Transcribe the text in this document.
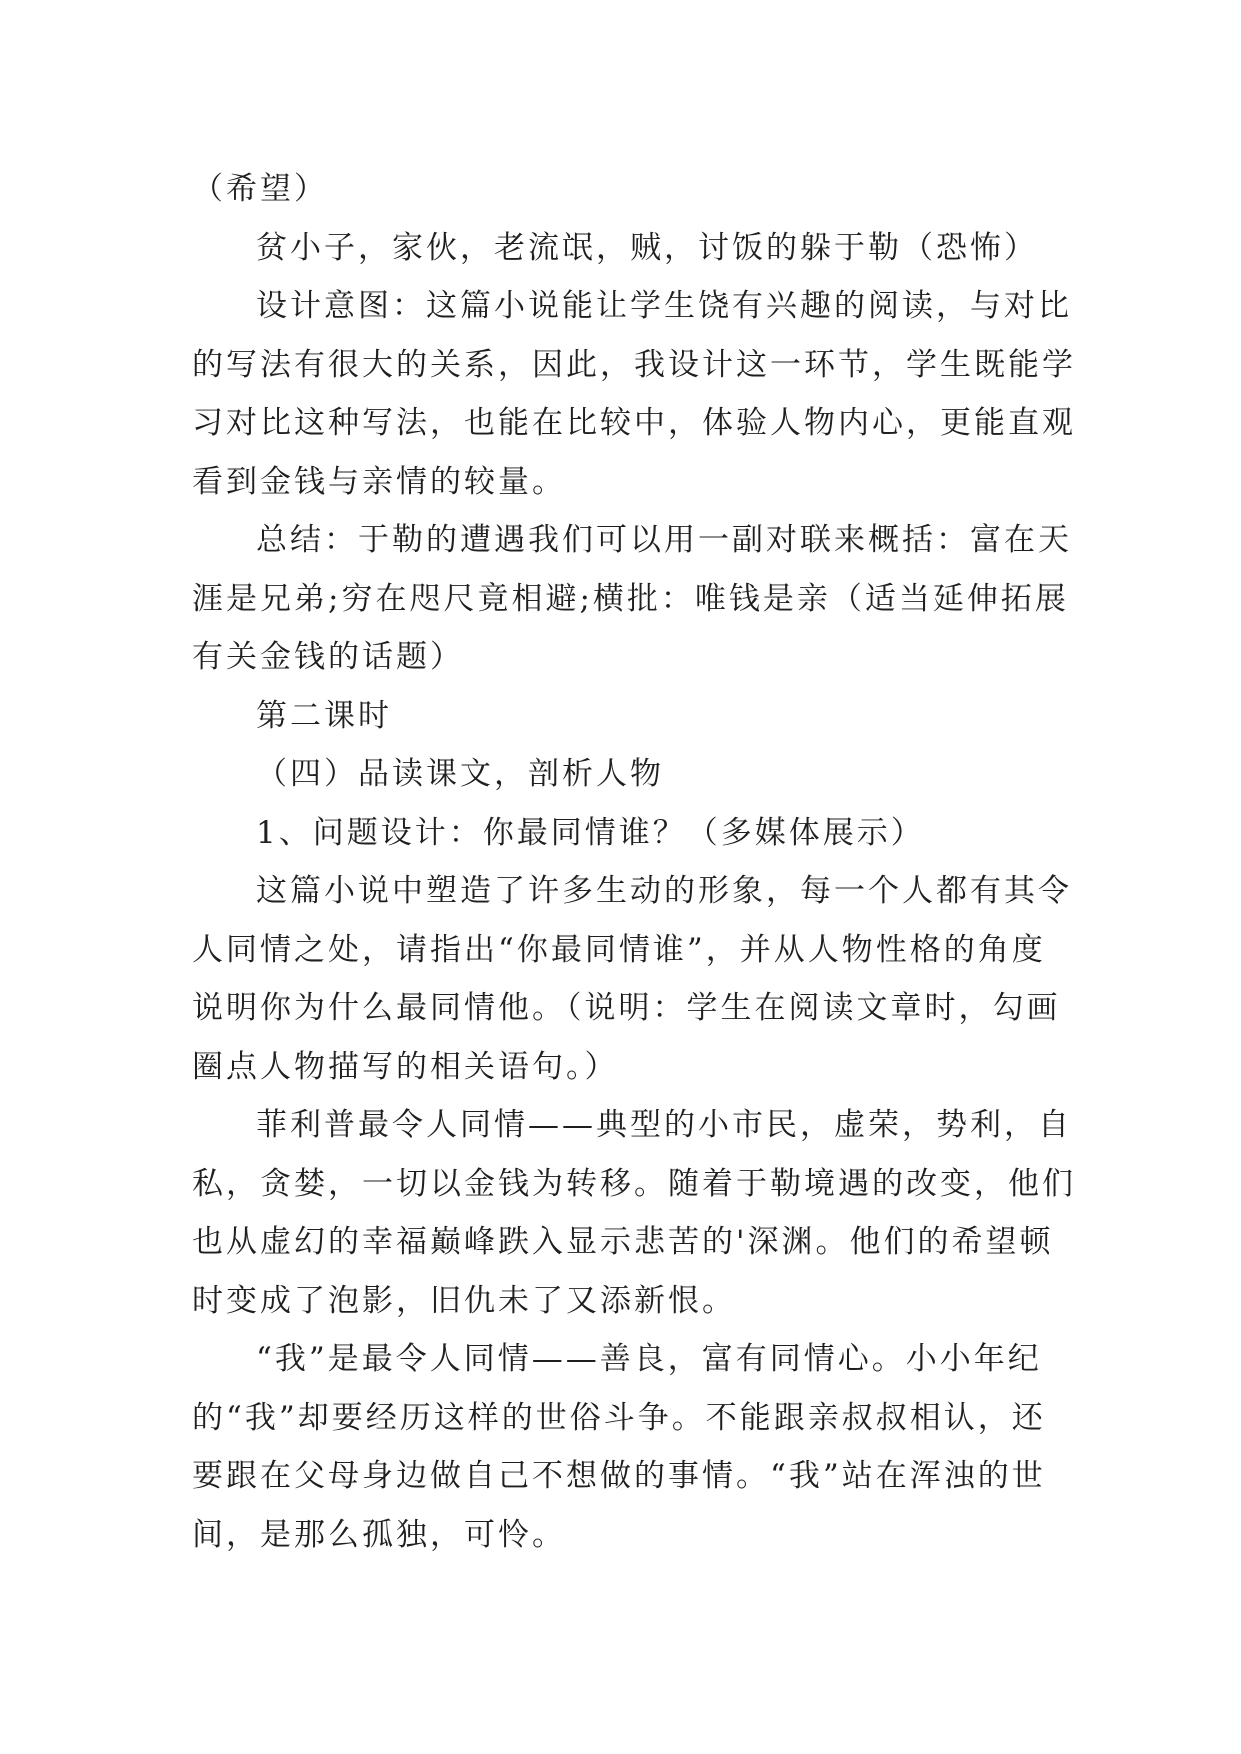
（希望）
贫小子，家伙，老流氓，贼，讨饭的躲于勒（恐怖）
设计意图：这篇小说能让学生饶有兴趣的阅读，与对比
的写法有很大的关系，因此，我设计这一环节，学生既能学
习对比这种写法，也能在比较中，体验人物内心，更能直观
看到金钱与亲情的较量。
总结：于勒的遭遇我们可以用一副对联来概括：富在天
涯是兄弟;穷在咫尺竟相避;横批：唯钱是亲（适当延伸拓展
有关金钱的话题）
第二课时
（四）品读课文，剖析人物
1、问题设计：你最同情谁？（多媒体展示）
这篇小说中塑造了许多生动的形象，每一个人都有其令
人同情之处，请指出“你最同情谁”，并从人物性格的角度
说明你为什么最同情他。（说明：学生在阅读文章时，勾画
圈点人物描写的相关语句。）
菲利普最令人同情——典型的小市民，虚荣，势利，自
私，贪婪，一切以金钱为转移。随着于勒境遇的改变，他们
也从虚幻的幸福巅峰跌入显示悲苦的'深渊。他们的希望顿
时变成了泡影，旧仇未了又添新恨。
“我”是最令人同情——善良，富有同情心。小小年纪
的“我”却要经历这样的世俗斗争。不能跟亲叔叔相认，还
要跟在父母身边做自己不想做的事情。“我”站在浑浊的世
间，是那么孤独，可怜。
